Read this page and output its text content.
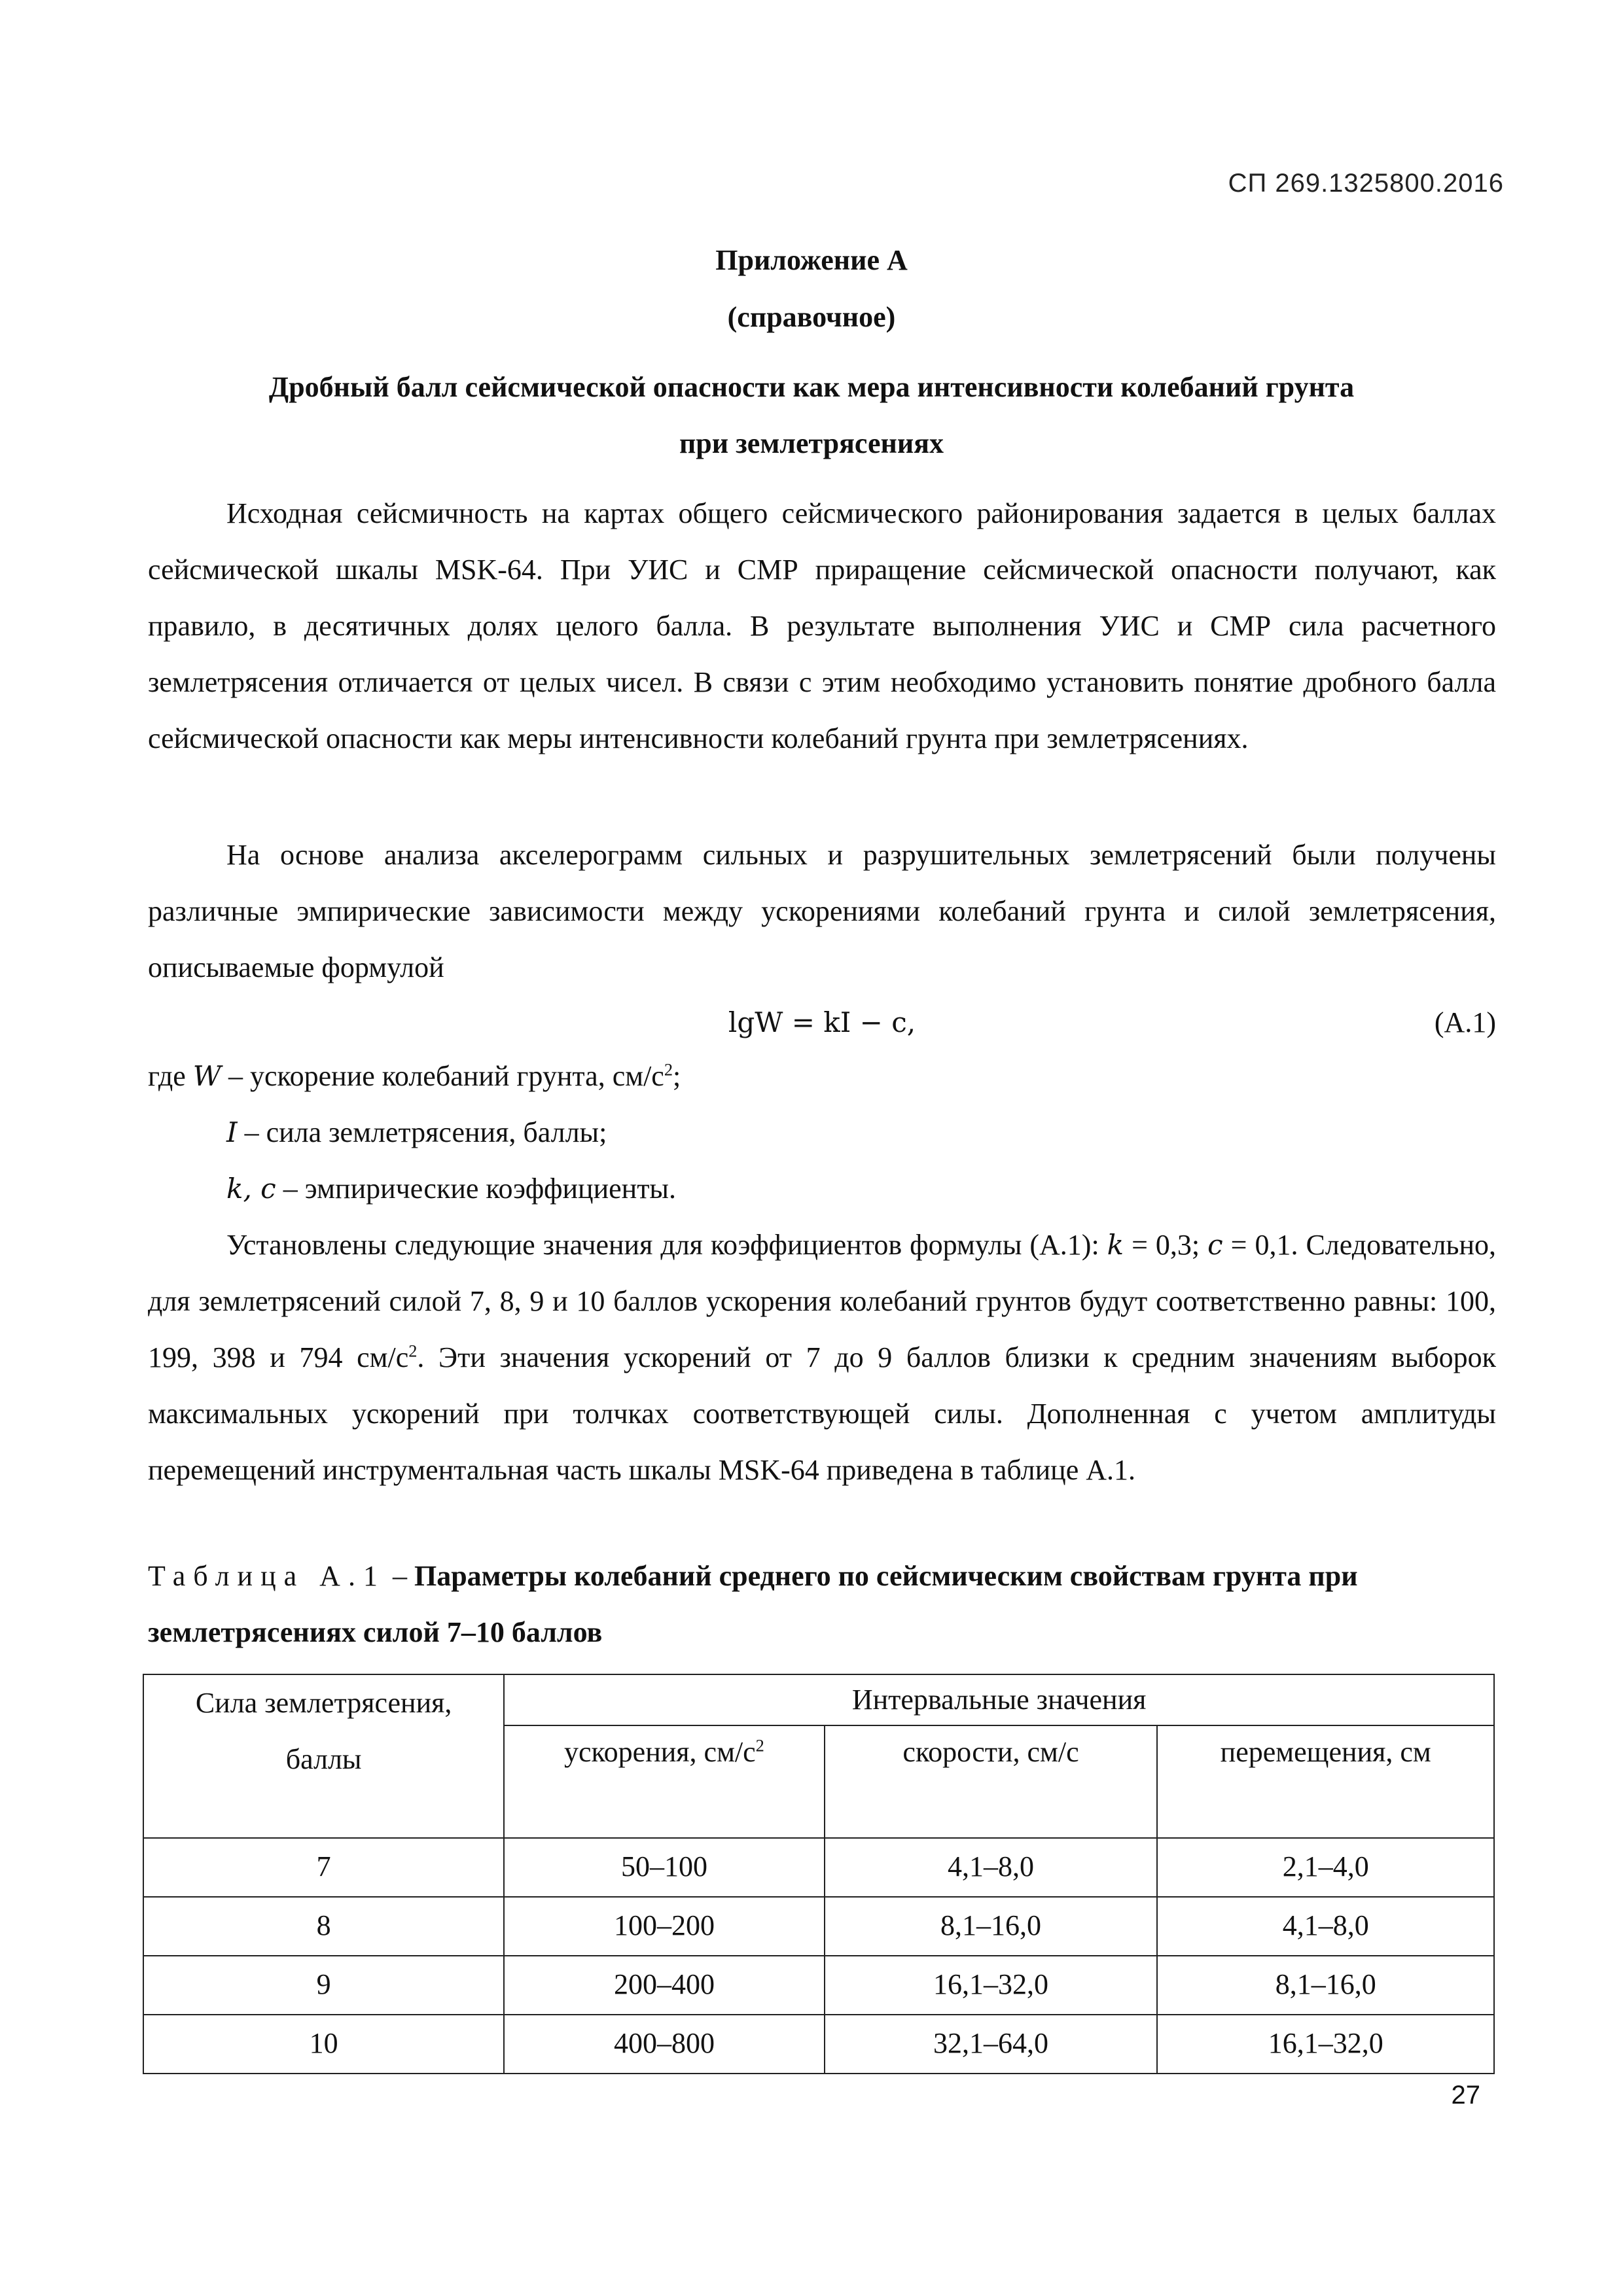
СП 269.1325800.2016
Приложение А
(справочное)
Дробный балл сейсмической опасности как мера интенсивности колебаний грунта
при землетрясениях

Исходная сейсмичность на картах общего сейсмического районирования задается в целых баллах сейсмической шкалы MSK-64. При УИС и СМР приращение сейсмической опасности получают, как правило, в десятичных долях целого балла. В результате выполнения УИС и СМР сила расчетного землетрясения отличается от целых чисел. В связи с этим необходимо установить понятие дробного балла сейсмической опасности как меры интенсивности колебаний грунта при землетрясениях.

На основе анализа акселерограмм сильных и разрушительных землетрясений были получены различные эмпирические зависимости между ускорениями колебаний грунта и силой землетрясения, описываемые формулой

lgW = kI − c,	(А.1)
где W – ускорение колебаний грунта, $см/с^2$;
I – сила землетрясения, баллы;
k, c – эмпирические коэффициенты.

Установлены следующие значения для коэффициентов формулы (А.1): k = 0,3; c = 0,1. Следовательно, для землетрясений силой 7, 8, 9 и 10 баллов ускорения колебаний грунтов будут соответственно равны: 100, 199, 398 и 794 $см/с^2$. Эти значения ускорений от 7 до 9 баллов близки к средним значениям выборок максимальных ускорений при толчках соответствующей силы. Дополненная с учетом амплитуды перемещений инструментальная часть шкалы MSK-64 приведена в таблице А.1.

Таблица А.1 – Параметры колебаний среднего по сейсмическим свойствам грунта при землетрясениях силой 7–10 баллов
Сила землетрясения, баллы	Интервальные значения		
	ускорения, $см/с^2$	скорости, см/с	перемещения, см
7	50–100	4,1–8,0	2,1–4,0
8	100–200	8,1–16,0	4,1–8,0
9	200–400	16,1–32,0	8,1–16,0
10	400–800	32,1–64,0	16,1–32,0
27
